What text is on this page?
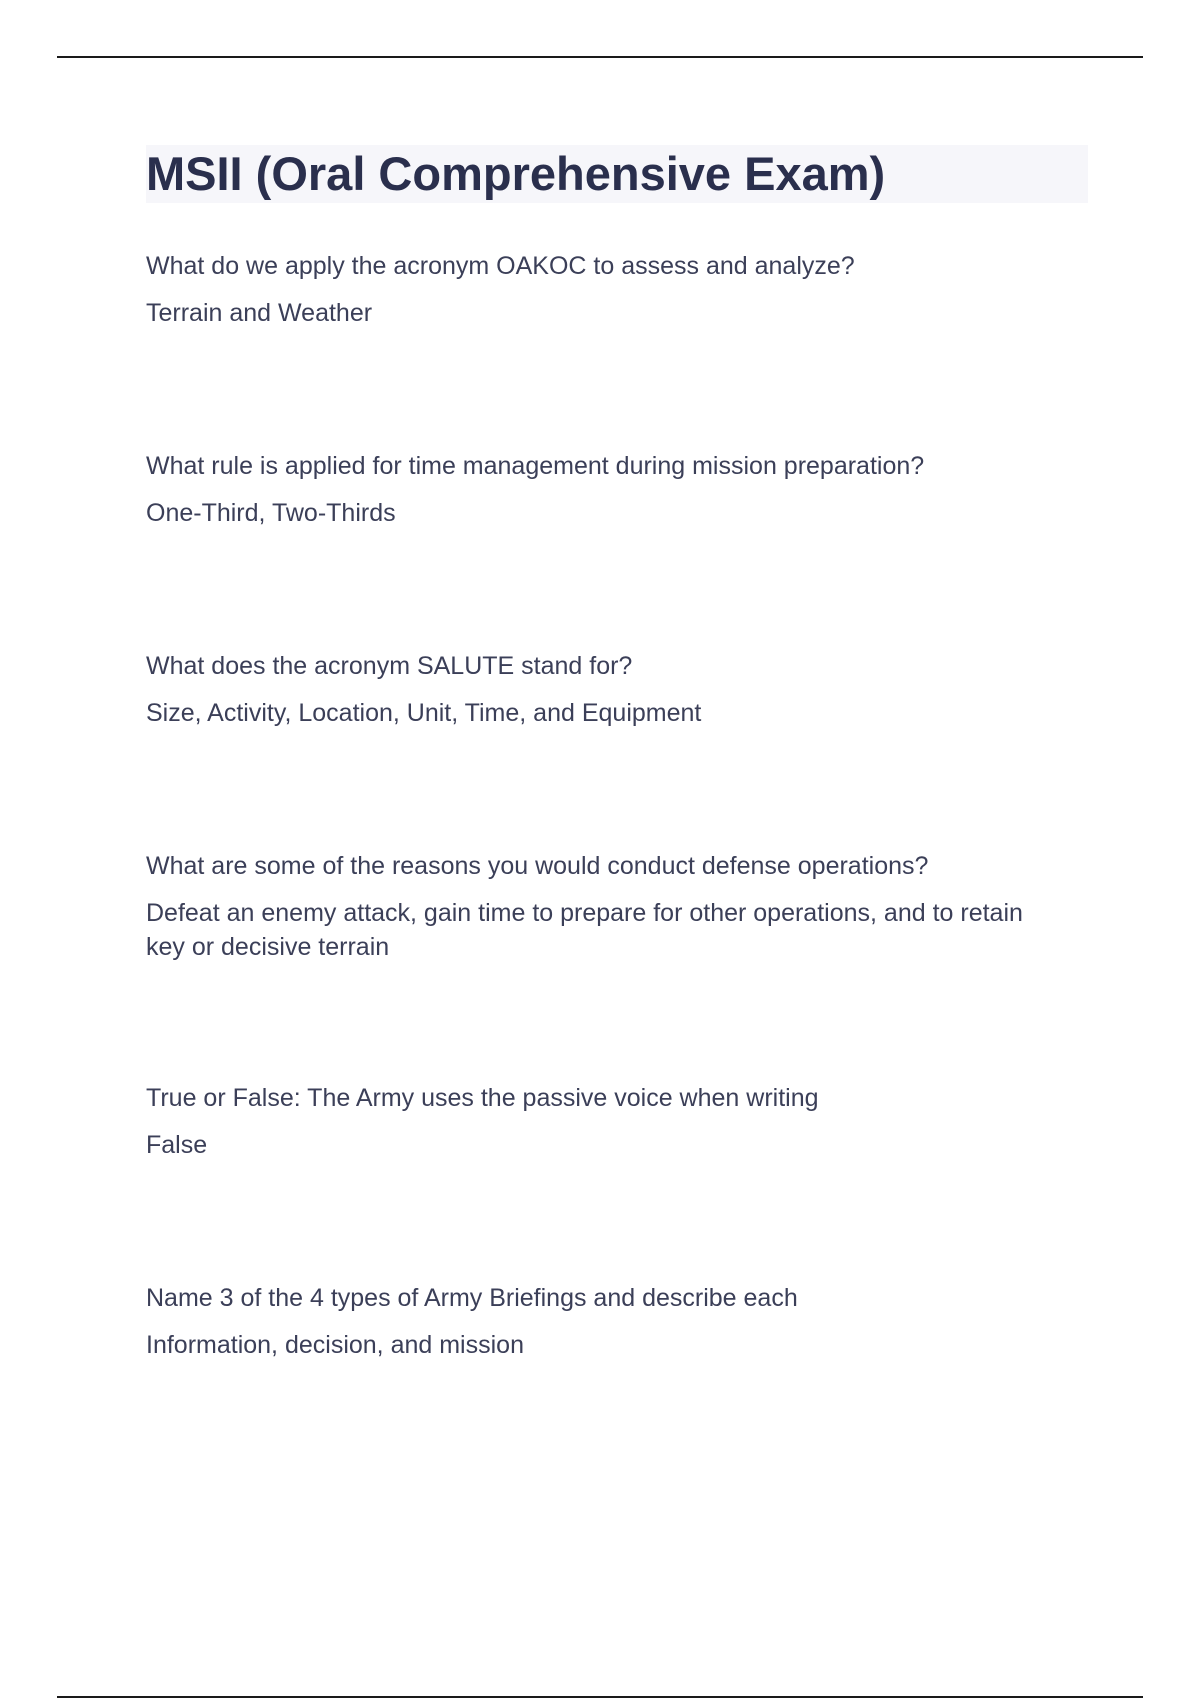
MSII (Oral Comprehensive Exam)

What do we apply the acronym OAKOC to assess and analyze?

Terrain and Weather

What rule is applied for time management during mission preparation?

One-Third, Two-Thirds

What does the acronym SALUTE stand for?

Size, Activity, Location, Unit, Time, and Equipment

What are some of the reasons you would conduct defense operations?

Defeat an enemy attack, gain time to prepare for other operations, and to retain key or decisive terrain

True or False: The Army uses the passive voice when writing

False

Name 3 of the 4 types of Army Briefings and describe each

Information, decision, and mission
